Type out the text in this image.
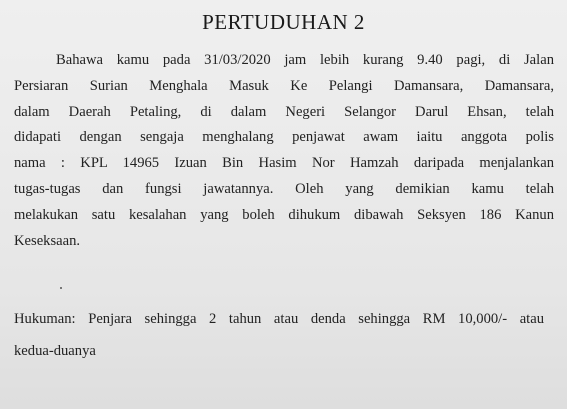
PERTUDUHAN 2
Bahawa kamu pada 31/03/2020 jam lebih kurang 9.40 pagi, di Jalan
Persiaran Surian Menghala Masuk Ke Pelangi Damansara, Damansara,
dalam Daerah Petaling, di dalam Negeri Selangor Darul Ehsan, telah
didapati dengan sengaja menghalang penjawat awam iaitu anggota polis
nama : KPL 14965 Izuan Bin Hasim Nor Hamzah daripada menjalankan
tugas-tugas dan fungsi jawatannya. Oleh yang demikian kamu telah
melakukan satu kesalahan yang boleh dihukum dibawah Seksyen 186 Kanun
Keseksaan.
Hukuman: Penjara sehingga 2 tahun atau denda sehingga RM 10,000/- atau
kedua-duanya
